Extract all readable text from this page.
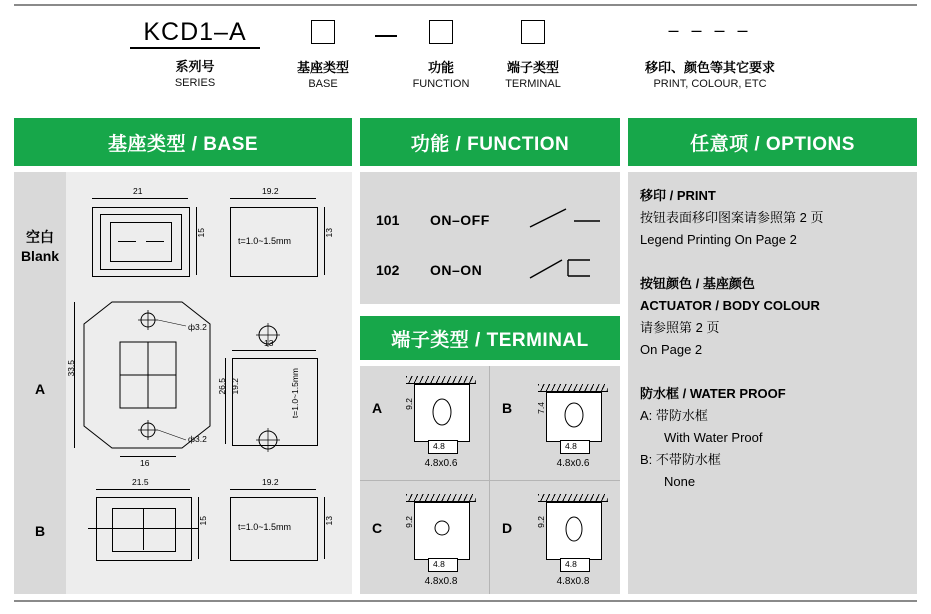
KCD1–A
系列号
SERIES
基座类型
BASE
功能
FUNCTION
端子类型
TERMINAL
– – – –
移印、颜色等其它要求
PRINT, COLOUR, ETC
基座类型 / BASE	功能 / FUNCTION
端子类型 / TERMINAL
任意项 / OPTIONS
空白
Blank
A
B
21
15
19.2
13
t=1.0~1.5mm
ф3.2
ф3.2
33.5
16
13
26.5 19.2	t=1.0~1.5mm
21.5
15
19.2
13
t=1.0~1.5mm
101 ON–OFF
102 ON–ON
A	9.2
4.8
4.8x0.6
B	7.4
4.8
4.8x0.6
C	9.2
4.8
4.8x0.8
D	9.2
4.8
4.8x0.8
移印 / PRINT
按钮表面移印图案请参照第 2 页
Legend Printing On Page 2
按钮颜色 / 基座颜色
ACTUATOR / BODY COLOUR
请参照第 2 页
On Page 2
防水框 / WATER PROOF
A: 带防水框
With Water Proof
B: 不带防水框
None
